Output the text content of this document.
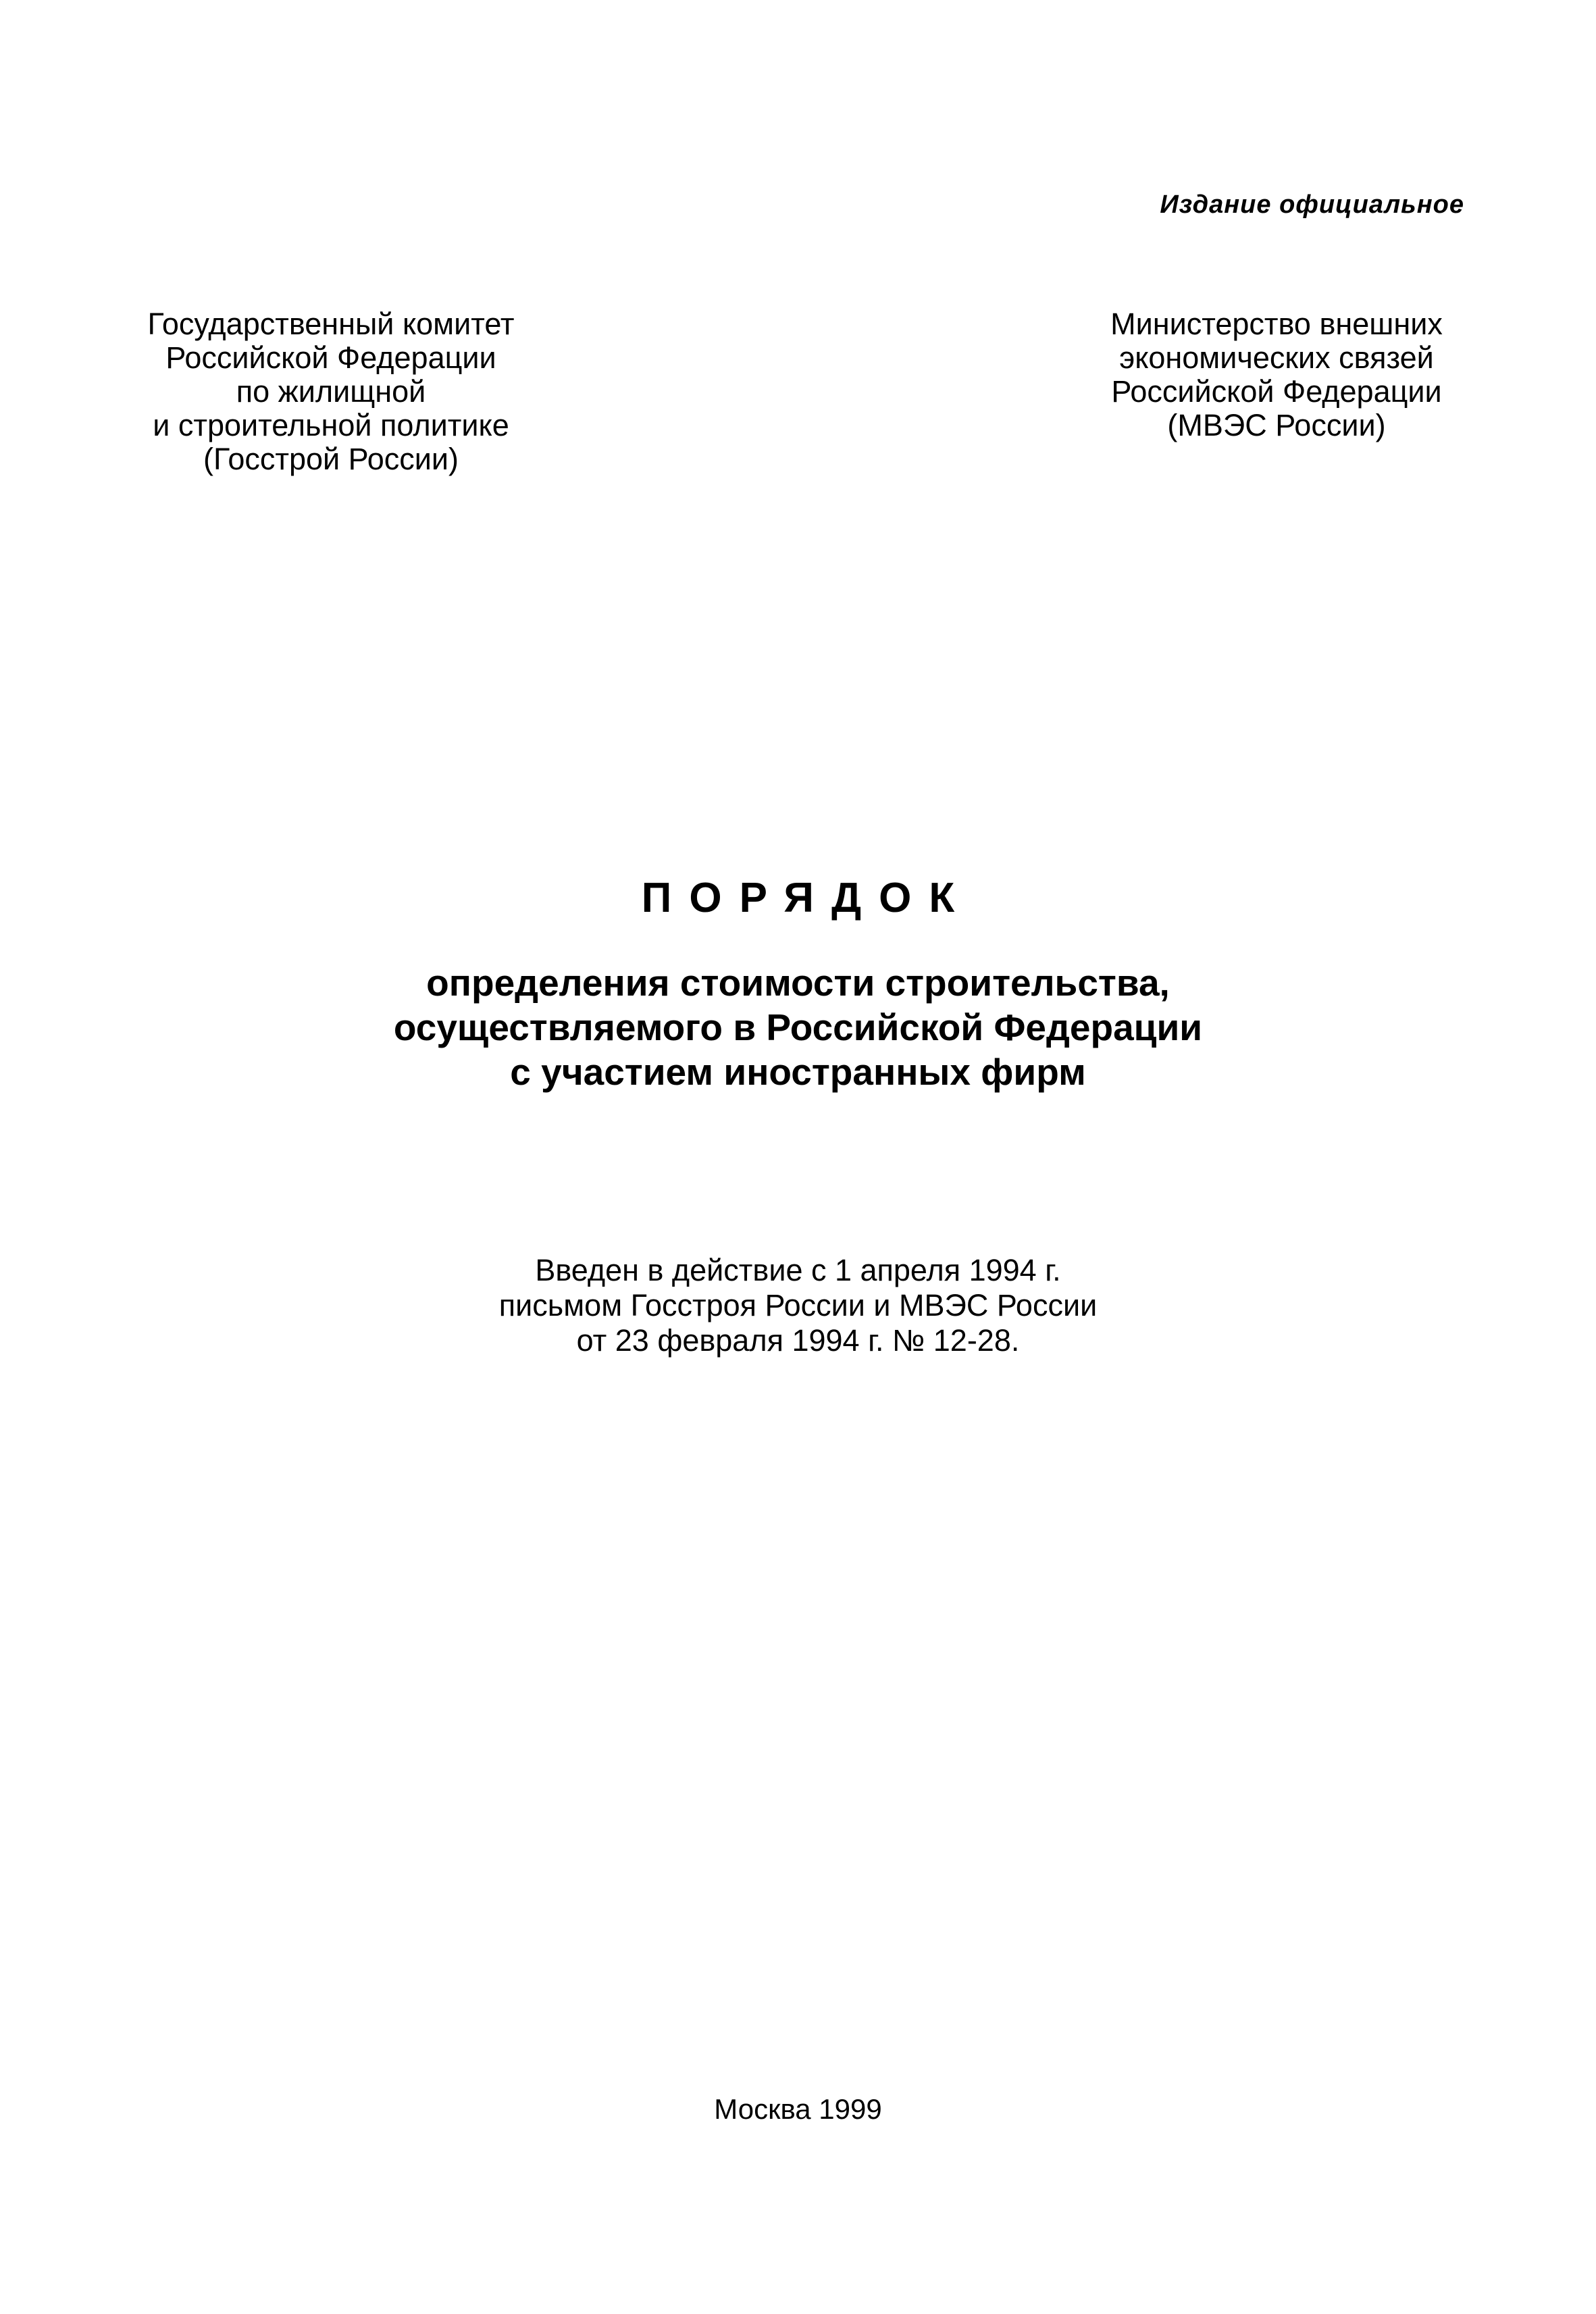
Издание официальное
Государственный комитет
Российской Федерации
по жилищной
и строительной политике
(Госстрой России)
Министерство внешних
экономических связей
Российской Федерации
(МВЭС России)
ПОРЯДОК
определения стоимости строительства,
осуществляемого в Российской Федерации
с участием иностранных фирм
Введен в действие с 1 апреля 1994 г.
письмом Госстроя России и МВЭС России
от 23 февраля 1994 г. № 12-28.
Москва 1999
